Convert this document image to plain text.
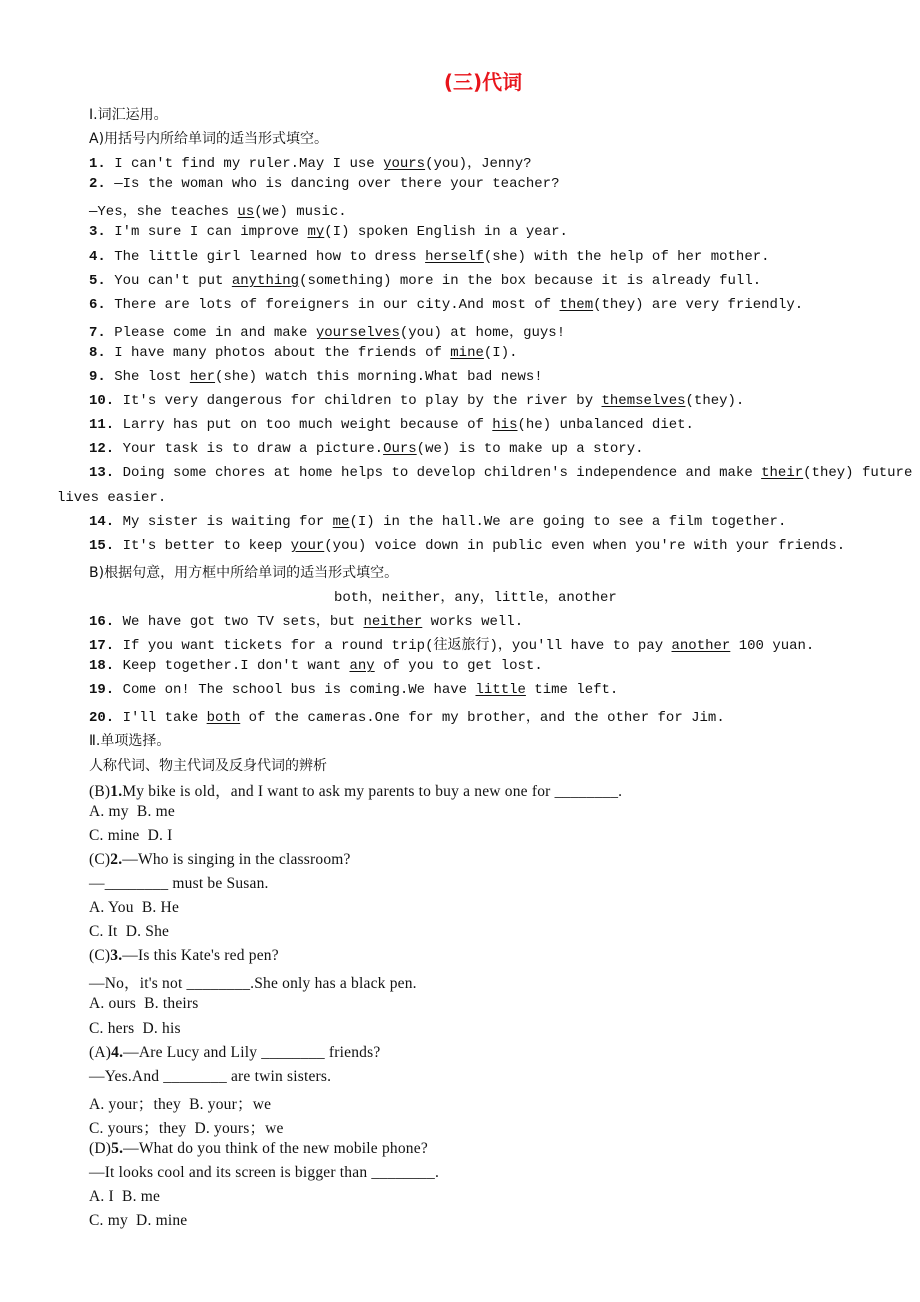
(三)代词
Ⅰ.词汇运用。
A)用括号内所给单词的适当形式填空。
1. I can't find my ruler.May I use yours(you)，Jenny?
2. —Is the woman who is dancing over there your teacher?
—Yes，she teaches us(we) music.
3. I'm sure I can improve my(I) spoken English in a year.
4. The little girl learned how to dress herself(she) with the help of her mother.
5. You can't put anything(something) more in the box because it is already full.
6. There are lots of foreigners in our city.And most of them(they) are very friendly.
7. Please come in and make yourselves(you) at home，guys!
8. I have many photos about the friends of mine(I).
9. She lost her(she) watch this morning.What bad news!
10. It's very dangerous for children to play by the river by themselves(they).
11. Larry has put on too much weight because of his(he) unbalanced diet.
12. Your task is to draw a picture.Ours(we) is to make up a story.
13. Doing some chores at home helps to develop children's independence and make their(they) future
lives easier.
14. My sister is waiting for me(I) in the hall.We are going to see a film together.
15. It's better to keep your(you) voice down in public even when you're with your friends.
B)根据句意，用方框中所给单词的适当形式填空。
both，neither，any，little，another
16. We have got two TV sets，but neither works well.
17. If you want tickets for a round trip(往返旅行)，you'll have to pay another 100 yuan.
18. Keep together.I don't want any of you to get lost.
19. Come on! The school bus is coming.We have little time left.
20. I'll take both of the cameras.One for my brother，and the other for Jim.
Ⅱ.单项选择。
人称代词、物主代词及反身代词的辨析
(B)1.My bike is old，and I want to ask my parents to buy a new one for ________.
A. my  B. me
C. mine  D. I
(C)2.—Who is singing in the classroom?
—________ must be Susan.
A. You  B. He
C. It  D. She
(C)3.—Is this Kate's red pen?
—No，it's not ________.She only has a black pen.
A. ours  B. theirs
C. hers  D. his
(A)4.—Are Lucy and Lily ________ friends?
—Yes.And ________ are twin sisters.
A. your；they  B. your；we
C. yours；they  D. yours；we
(D)5.—What do you think of the new mobile phone?
—It looks cool and its screen is bigger than ________.
A. I  B. me
C. my  D. mine
